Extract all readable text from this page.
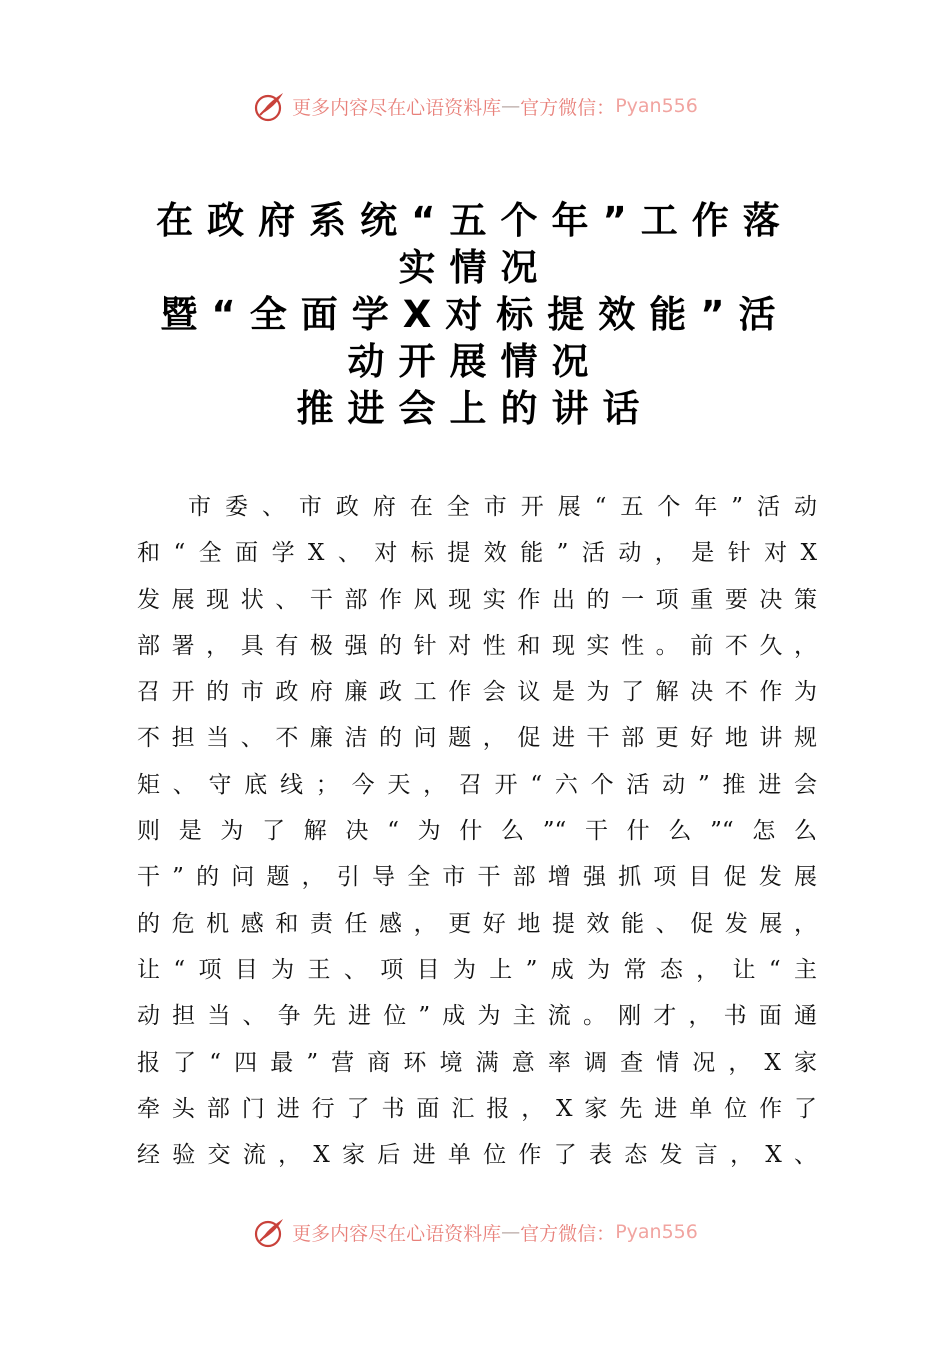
更多内容尽在心语资料库 — 官方微信： Pyan556
在政府系统“五个年”工作落
实情况
暨“全面学X对标提效能”活
动开展情况
推进会上的讲话
市委、市政府在全市开展“五个年”活动
和“全面学X、对标提效能”活动，是针对X
发展现状、干部作风现实作出的一项重要决策
部署，具有极强的针对性和现实性。前不久，
召开的市政府廉政工作会议是为了解决不作为
不担当、不廉洁的问题，促进干部更好地讲规
矩、守底线；今天，召开“六个活动”推进会
则是为了解决“为什么”“干什么”“怎么
干”的问题，引导全市干部增强抓项目促发展
的危机感和责任感，更好地提效能、促发展，
让“项目为王、项目为上”成为常态，让“主
动担当、争先进位”成为主流。刚才，书面通
报了“四最”营商环境满意率调查情况，X家
牵头部门进行了书面汇报，X家先进单位作了
经验交流，X家后进单位作了表态发言，X、
更多内容尽在心语资料库 — 官方微信： Pyan556
